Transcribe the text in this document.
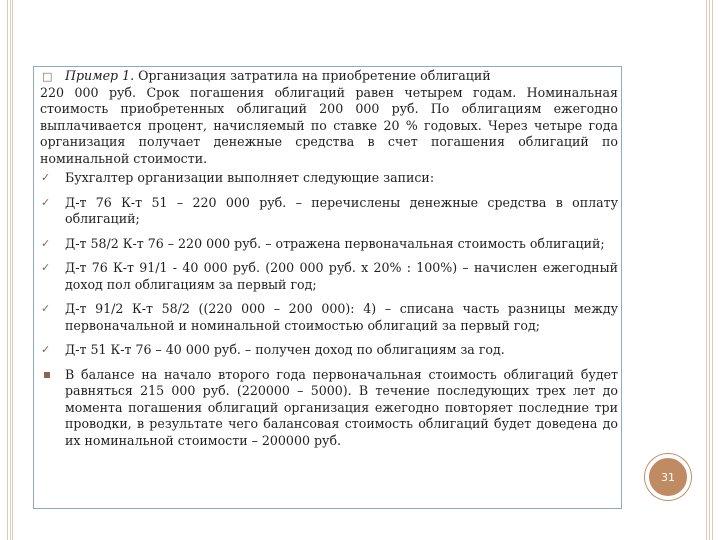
□ Пример 1. Организация затратила на приобретение облигаций
220 000 руб. Срок погашения облигаций равен четырем годам. Номинальная стоимость приобретенных облигаций 200 000 руб. По облигациям ежегодно выплачивается процент, начисляемый по ставке 20 % годовых. Через четыре года организация получает денежные средства в счет погашения облигаций по номинальной стоимости.
✓ Бухгалтер организации выполняет следующие записи:
✓ Д-т 76 К-т 51 – 220 000 руб. – перечислены денежные средства в оплату облигаций;
✓ Д-т 58/2 К-т 76 – 220 000 руб. – отражена первоначальная стоимость облигаций;
✓ Д-т 76 К-т 91/1 - 40 000 руб. (200 000 руб. х 20% : 100%) – начислен ежегодный доход пол облигациям за первый год;
✓ Д-т 91/2 К-т 58/2 ((220 000 – 200 000): 4) – списана часть разницы между первоначальной и номинальной стоимостью облигаций за первый год;
✓ Д-т 51 К-т 76 – 40 000 руб. – получен доход по облигациям за год.
В балансе на начало второго года первоначальная стоимость облигаций будет равняться 215 000 руб. (220000 – 5000). В течение последующих трех лет до момента погашения облигаций организация ежегодно повторяет последние три проводки, в результате чего балансовая стоимость облигаций будет доведена до их номинальной стоимости – 200000 руб.
31
